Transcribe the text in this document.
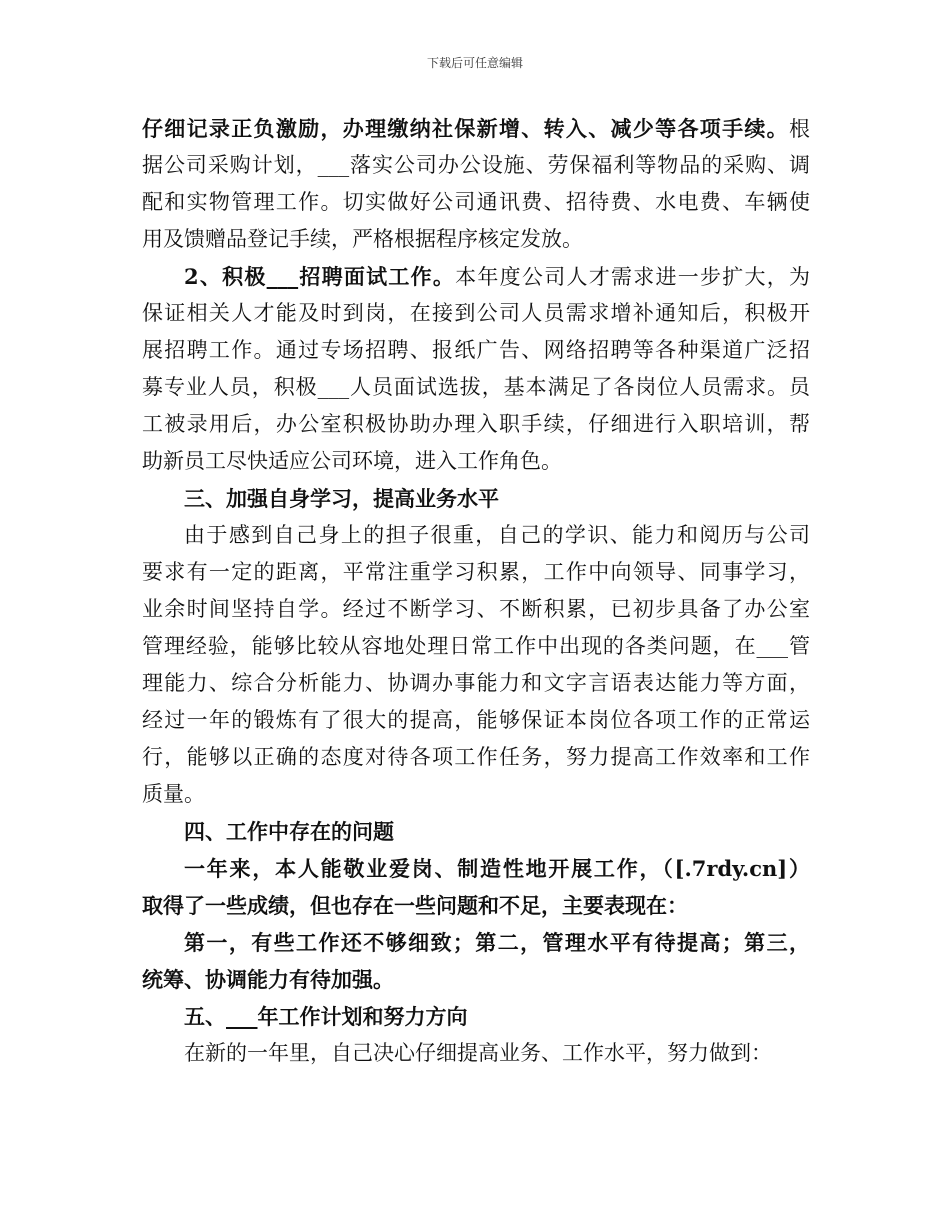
下载后可任意编辑
仔细记录正负激励，办理缴纳社保新增、转入、减少等各项手续。根
据公司采购计划，___落实公司办公设施、劳保福利等物品的采购、调
配和实物管理工作。切实做好公司通讯费、招待费、水电费、车辆使
用及馈赠品登记手续，严格根据程序核定发放。
2、积极___招聘面试工作。本年度公司人才需求进一步扩大，为
保证相关人才能及时到岗，在接到公司人员需求增补通知后，积极开
展招聘工作。通过专场招聘、报纸广告、网络招聘等各种渠道广泛招
募专业人员，积极___人员面试选拔，基本满足了各岗位人员需求。员
工被录用后，办公室积极协助办理入职手续，仔细进行入职培训，帮
助新员工尽快适应公司环境，进入工作角色。
三、加强自身学习，提高业务水平
由于感到自己身上的担子很重，自己的学识、能力和阅历与公司
要求有一定的距离，平常注重学习积累，工作中向领导、同事学习，
业余时间坚持自学。经过不断学习、不断积累，已初步具备了办公室
管理经验，能够比较从容地处理日常工作中出现的各类问题，在___管
理能力、综合分析能力、协调办事能力和文字言语表达能力等方面，
经过一年的锻炼有了很大的提高，能够保证本岗位各项工作的正常运
行，能够以正确的态度对待各项工作任务，努力提高工作效率和工作
质量。
四、工作中存在的问题
一年来，本人能敬业爱岗、制造性地开展工作，（[.7rdy.cn]）
取得了一些成绩，但也存在一些问题和不足，主要表现在：
第一，有些工作还不够细致；第二，管理水平有待提高；第三，
统筹、协调能力有待加强。
五、___年工作计划和努力方向
在新的一年里，自己决心仔细提高业务、工作水平，努力做到：
